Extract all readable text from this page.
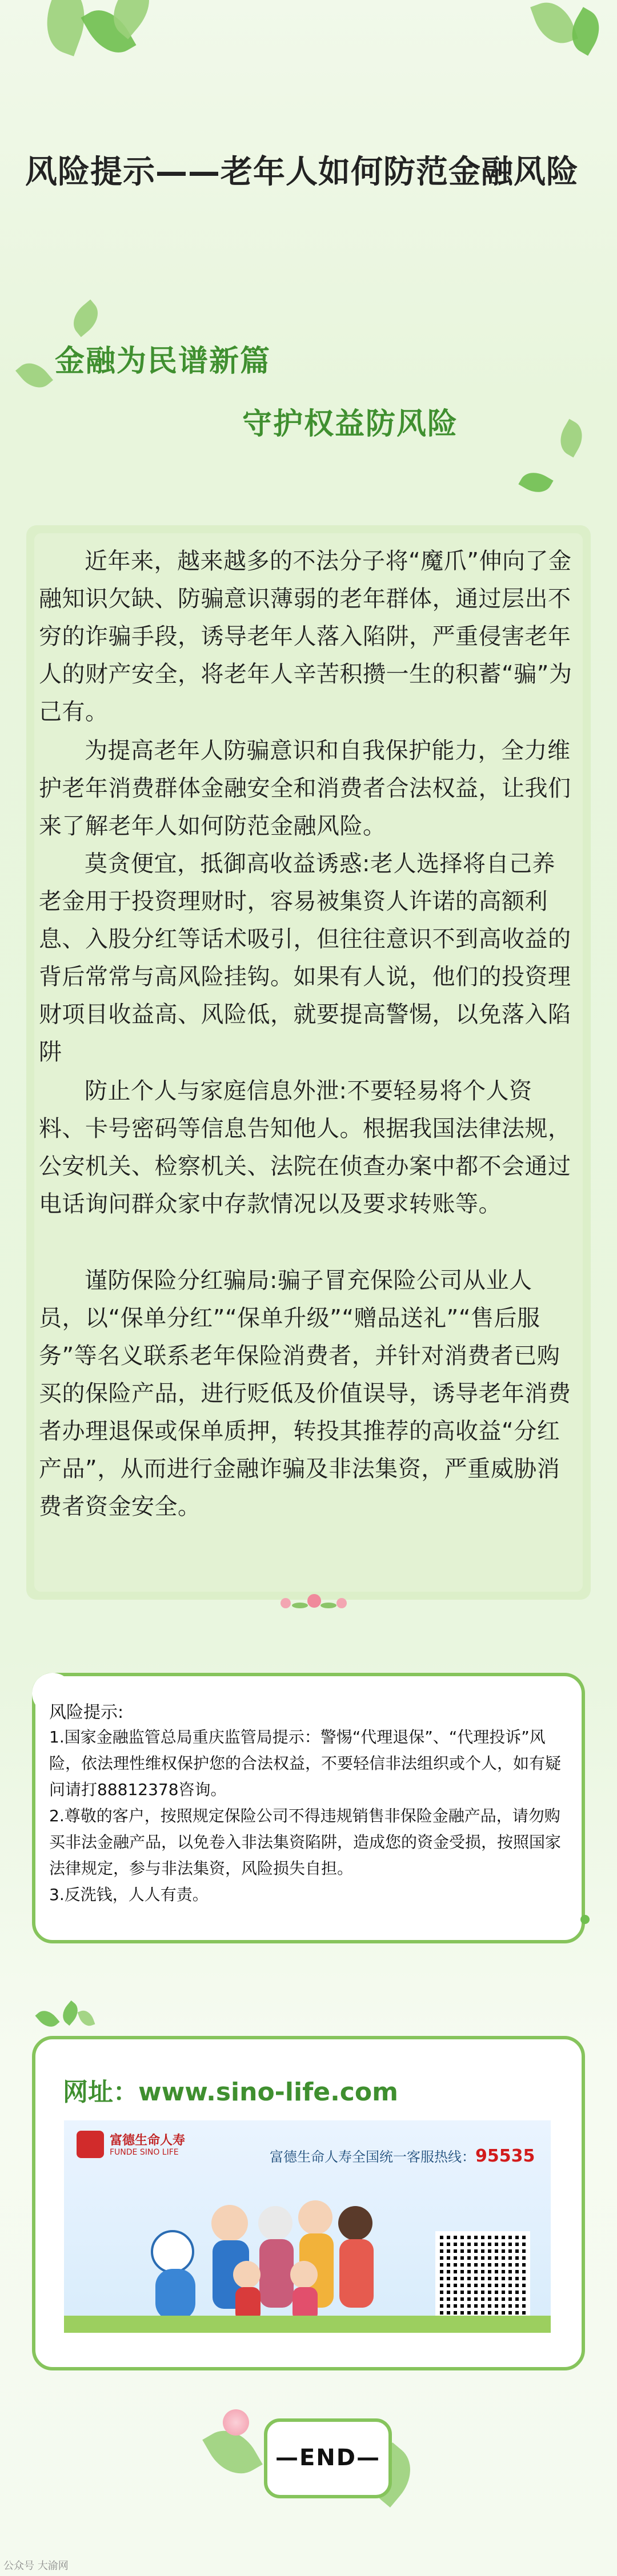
风险提示——老年人如何防范金融风险
金融为民谱新篇
守护权益防风险
近年来，越来越多的不法分子将“魔爪”伸向了金融知识欠缺、防骗意识薄弱的老年群体，通过层出不穷的诈骗手段，诱导老年人落入陷阱，严重侵害老年人的财产安全，将老年人辛苦积攒一生的积蓄“骗”为己有。
为提高老年人防骗意识和自我保护能力，全力维护老年消费群体金融安全和消费者合法权益，让我们来了解老年人如何防范金融风险。
莫贪便宜，抵御高收益诱惑:老人选择将自己养老金用于投资理财时，容易被集资人许诺的高额利息、入股分红等话术吸引，但往往意识不到高收益的背后常常与高风险挂钩。如果有人说，他们的投资理财项目收益高、风险低，就要提高警惕，以免落入陷阱
防止个人与家庭信息外泄:不要轻易将个人资料、卡号密码等信息告知他人。根据我国法律法规，公安机关、检察机关、法院在侦查办案中都不会通过电话询问群众家中存款情况以及要求转账等。
谨防保险分红骗局:骗子冒充保险公司从业人员，以“保单分红”“保单升级”“赠品送礼”“售后服务”等名义联系老年保险消费者，并针对消费者已购买的保险产品，进行贬低及价值误导，诱导老年消费者办理退保或保单质押，转投其推荐的高收益“分红产品”，从而进行金融诈骗及非法集资，严重威胁消费者资金安全。
风险提示:
1.国家金融监管总局重庆监管局提示：警惕“代理退保”、“代理投诉”风险，依法理性维权保护您的合法权益，不要轻信非法组织或个人，如有疑问请打88812378咨询。
2.尊敬的客户，按照规定保险公司不得违规销售非保险金融产品，请勿购买非法金融产品，以免卷入非法集资陷阱，造成您的资金受损，按照国家法律规定，参与非法集资，风险损失自担。
3.反洗钱，人人有责。
网址：www.sino-life.com
富德生命人寿
FUNDE SINO LIFE	富德生命人寿全国统一客服热线：95535
—END—
公众号 大渝网
